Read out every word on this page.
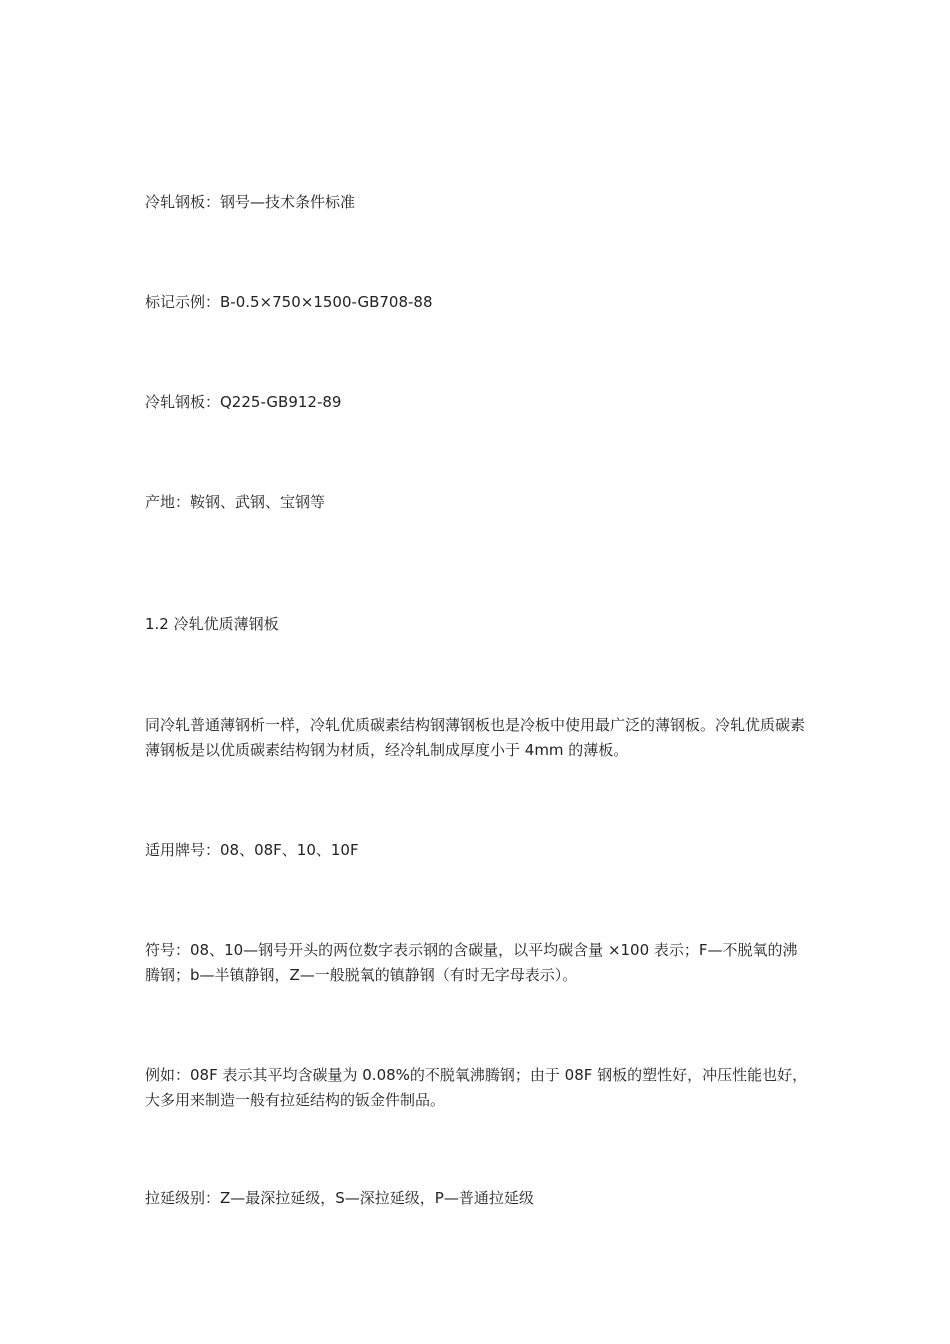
冷轧钢板：钢号—技术条件标准

标记示例：B-0.5×750×1500-GB708-88

冷轧钢板：Q225-GB912-89

产地：鞍钢、武钢、宝钢等

1.2 冷轧优质薄钢板

同冷轧普通薄钢析一样，冷轧优质碳素结构钢薄钢板也是冷板中使用最广泛的薄钢板。冷轧优质碳素薄钢板是以优质碳素结构钢为材质，经冷轧制成厚度小于 4mm 的薄板。

适用牌号：08、08F、10、10F

符号：08、10—钢号开头的两位数字表示钢的含碳量，以平均碳含量 ×100 表示；F—不脱氧的沸腾钢；b—半镇静钢，Z—一般脱氧的镇静钢（有时无字母表示）。

例如：08F 表示其平均含碳量为 0.08%的不脱氧沸腾钢；由于 08F 钢板的塑性好，冲压性能也好，大多用来制造一般有拉延结构的钣金件制品。

拉延级别：Z—最深拉延级，S—深拉延级，P—普通拉延级
